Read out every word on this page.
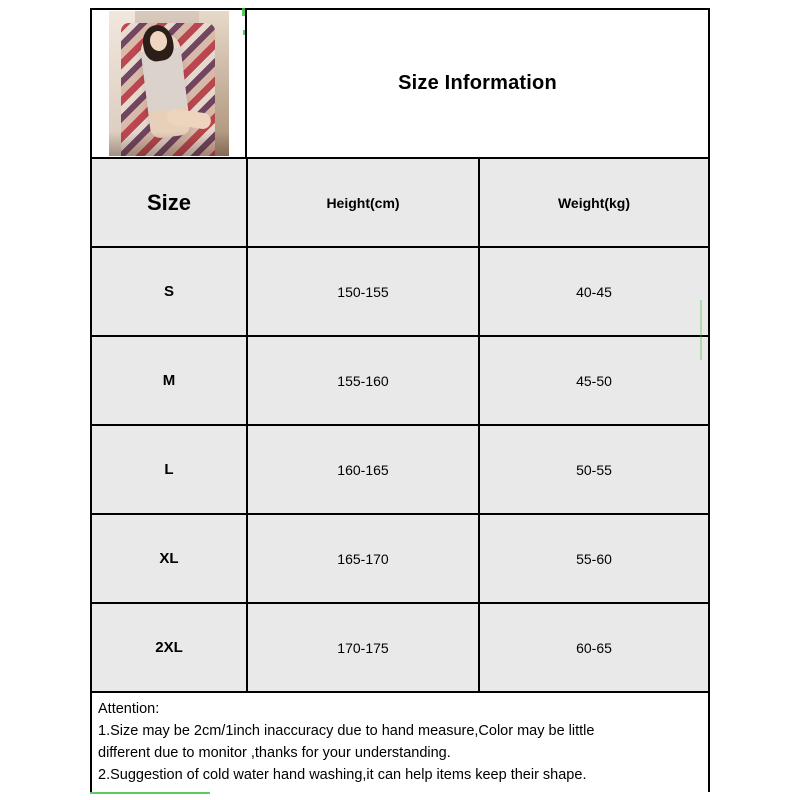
Size Information
Size	Height(cm)	Weight(kg)
S	150-155	40-45
M	155-160	45-50
L	160-165	50-55
XL	165-170	55-60
2XL	170-175	60-65

Attention:

1.Size may be 2cm/1inch inaccuracy due to hand measure,Color may be little

different due to monitor ,thanks for your understanding.

2.Suggestion of cold water hand washing,it can help items keep their shape.
